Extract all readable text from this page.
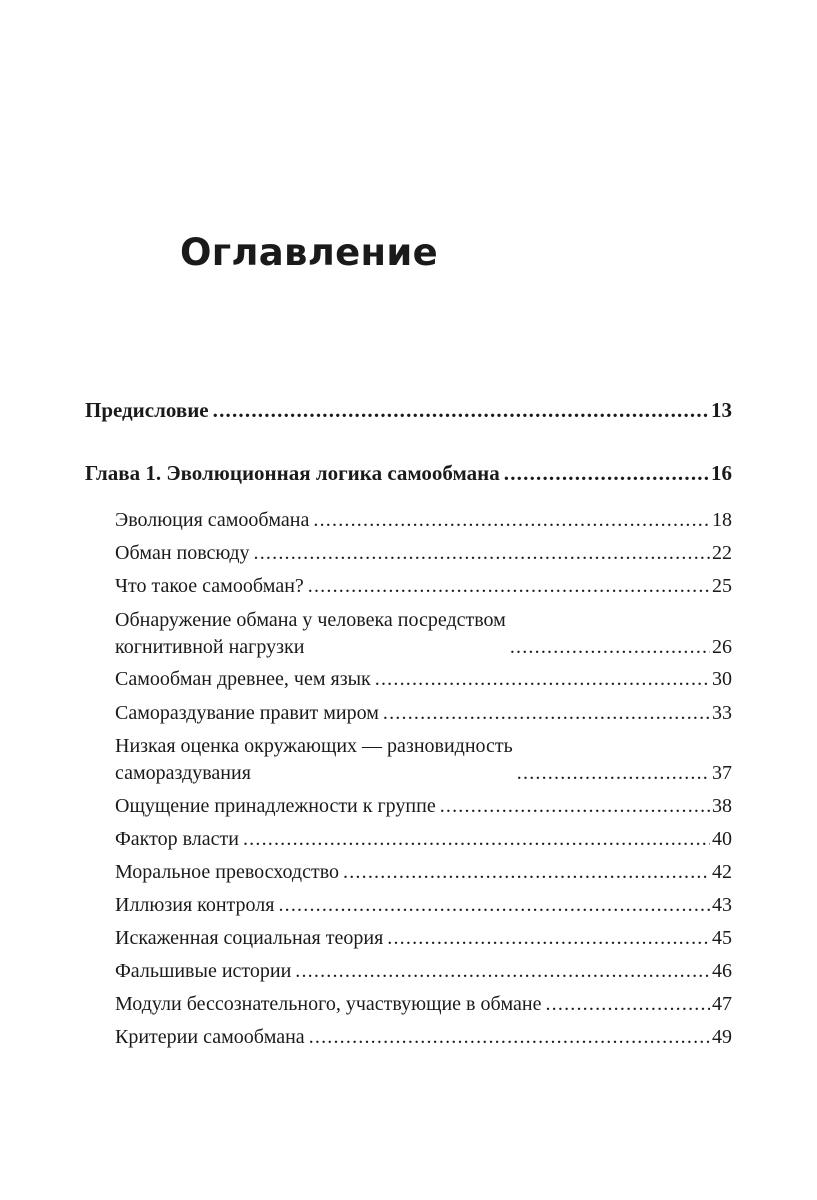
Оглавление
Предисловие .....	13
Глава 1. Эволюционная логика самообмана .....	16
Эволюция самообмана .....	18
Обман повсюду .....	22
Что такое самообман? .....	25
Обнаружение обмана у человека посредством
когнитивной нагрузки .....	26
Самообман древнее, чем язык .....	30
Самораздувание правит миром .....	33
Низкая оценка окружающих — разновидность
самораздувания .....	37
Ощущение принадлежности к группе .....	38
Фактор власти .....	40
Моральное превосходство .....	42
Иллюзия контроля .....	43
Искаженная социальная теория .....	45
Фальшивые истории .....	46
Модули бессознательного, участвующие в обмане .....	47
Критерии самообмана .....	49
